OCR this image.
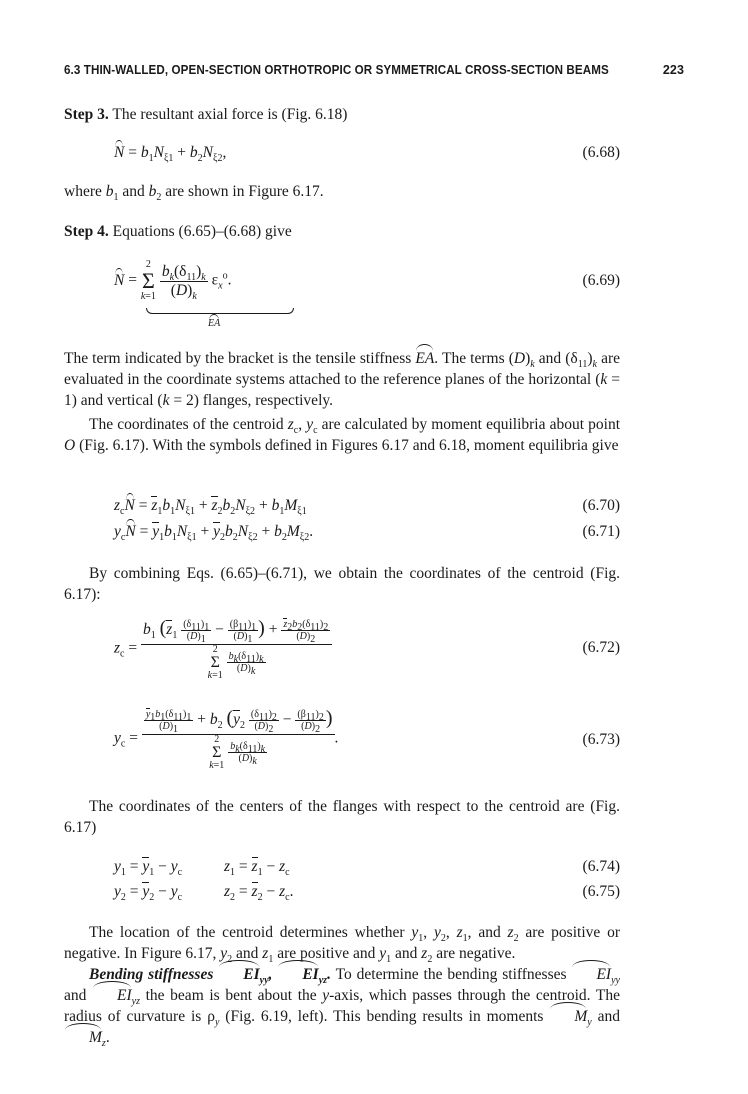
6.3 THIN-WALLED, OPEN-SECTION ORTHOTROPIC OR SYMMETRICAL CROSS-SECTION BEAMS	223
Step 3. The resultant axial force is (Fig. 6.18)
$N = b_1N_{\xi 1} + b_2N_{\xi 2}$,	(6.68)
where $b_1$ and $b_2$ are shown in Figure 6.17.
Step 4. Equations (6.65)–(6.68) give
N =
2
Σ
k=1
$\frac{b_k(\delta_{11})_k}{(D)_k} \varepsilon_x^o$.
EA
(6.69)
The term indicated by the bracket is the tensile stiffness EA. The terms $(D)_k$ and $(\delta_{11})_k$ are evaluated in the coordinate systems attached to the reference planes of the horizontal (k = 1) and vertical (k = 2) flanges, respectively.
The coordinates of the centroid $z_c$, $y_c$ are calculated by moment equilibria about point O (Fig. 6.17). With the symbols defined in Figures 6.17 and 6.18, moment equilibria give
$z_cN = z_1b_1N_{\xi 1} + z_2b_2N_{\xi 2} + b_1M_{\xi 1}$	(6.70)
$y_cN = y_1b_1N_{\xi 1} + y_2b_2N_{\xi 2} + b_2M_{\xi 2}$.	(6.71)
By combining Eqs. (6.65)–(6.71), we obtain the coordinates of the centroid (Fig. 6.17):
$z_c$ =
$b_1$ ($z_1 \frac{(\delta_{11})_1}{(D)_1} - \frac{(\beta_{11})_1}{(D)_1}$ ) + $\frac{z_2b_2(\delta_{11})_2}{(D)_2}$
2
Σ
k=1

$\frac{b_k(\delta_{11})_k}{(D)_k}$
(6.72)
$y_c$ =
$\frac{y_1b_1(\delta_{11})_1}{(D)_1} + b_2$ ($y_2 \frac{(\delta_{11})_2}{(D)_2} - \frac{(\beta_{11})_2}{(D)_2}$ )
2
Σ
k=1

$\frac{b_k(\delta_{11})_k}{(D)_k}$
.	(6.73)
The coordinates of the centers of the flanges with respect to the centroid are (Fig. 6.17)
$y_1 = y_1 - y_c$	$z_1 = z_1 - z_c$	(6.74)
$y_2 = y_2 - y_c$	$z_2 = z_2 - z_c$.	(6.75)
The location of the centroid determines whether $y_1$, $y_2$, $z_1$, and $z_2$ are positive or negative. In Figure 6.17, $y_2$ and $z_1$ are positive and $y_1$ and $z_2$ are negative.
Bending stiffnesses $EI_{yy}$, $EI_{yz}$. To determine the bending stiffnesses $EI_{yy}$ and $EI_{yz}$ the beam is bent about the y-axis, which passes through the centroid. The radius of curvature is $\rho_y$ (Fig. 6.19, left). This bending results in moments $M_y$ and $M_z$.
